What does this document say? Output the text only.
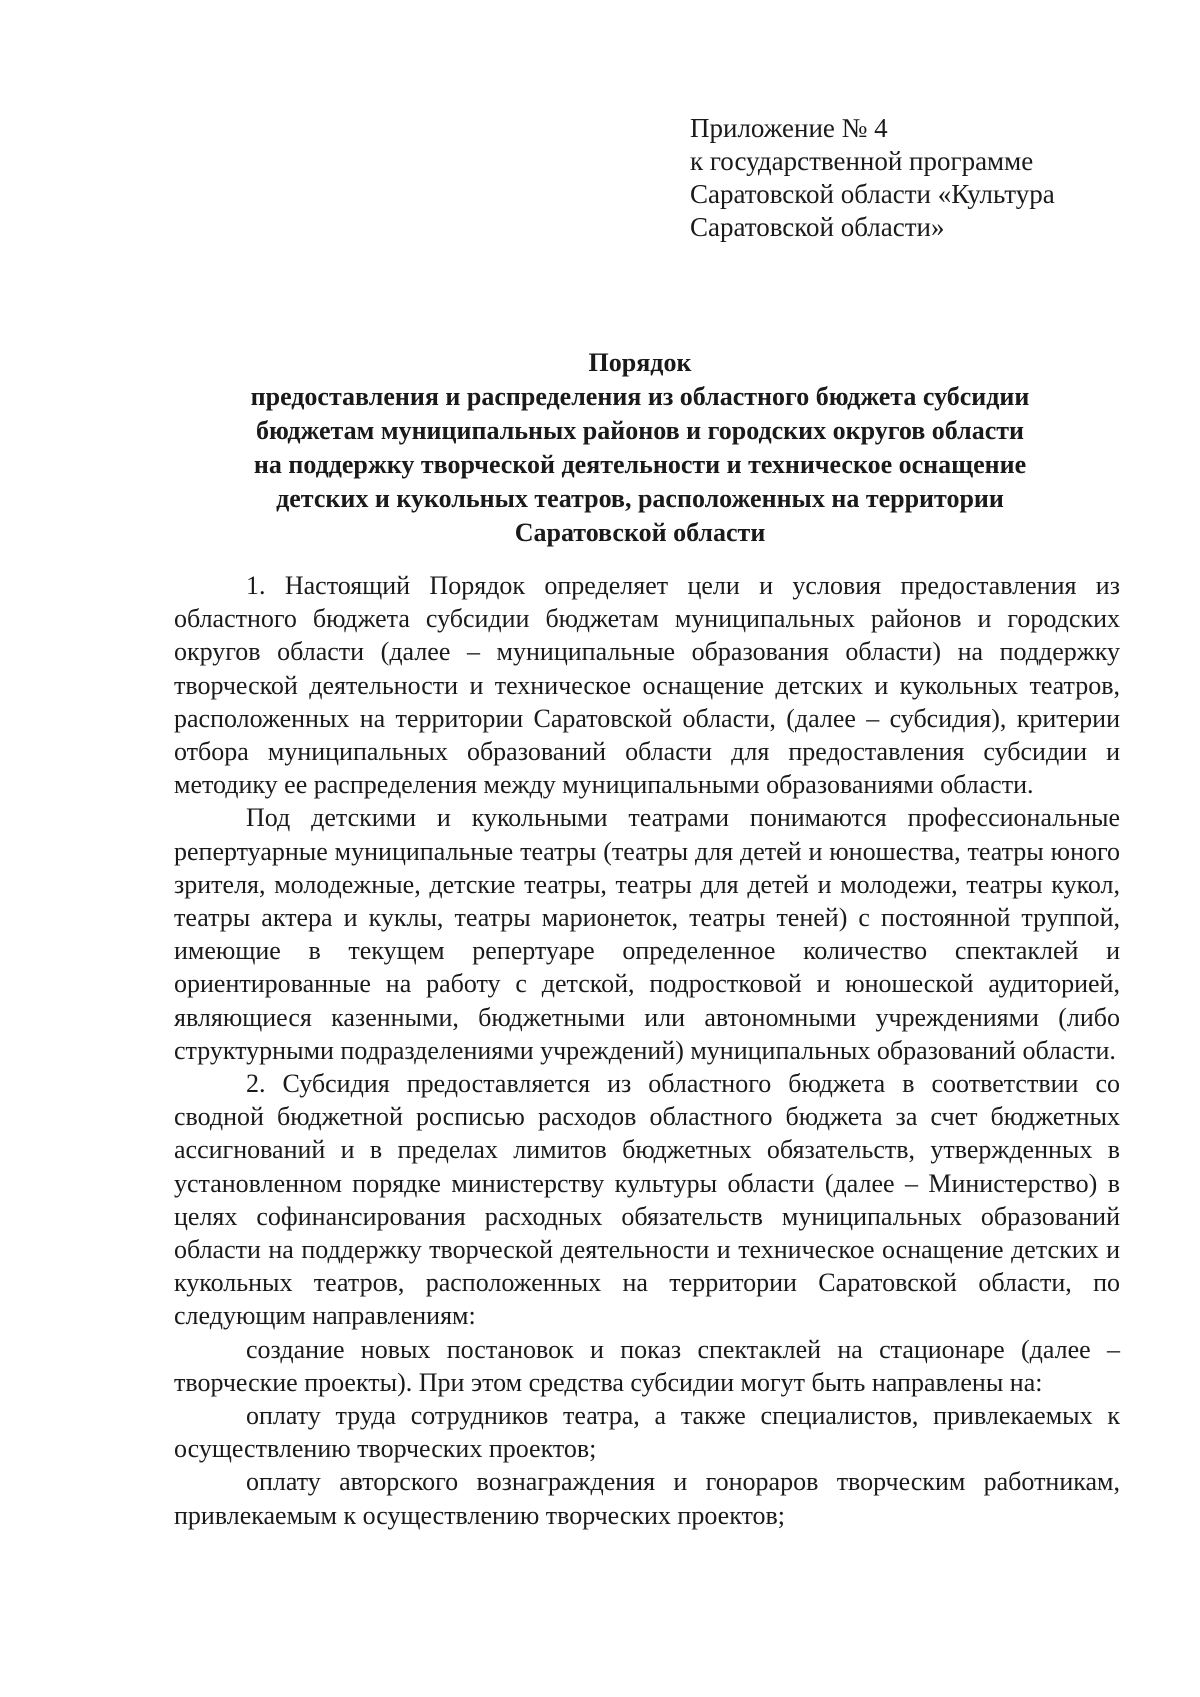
Приложение № 4
к государственной программе
Саратовской области «Культура
Саратовской области»
Порядок
предоставления и распределения из областного бюджета субсидии
бюджетам муниципальных районов и городских округов области
на поддержку творческой деятельности и техническое оснащение
детских и кукольных театров, расположенных на территории
Саратовской области

1. Настоящий Порядок определяет цели и условия предоставления из областного бюджета субсидии бюджетам муниципальных районов и городских округов области (далее – муниципальные образования области) на поддержку творческой деятельности и техническое оснащение детских и кукольных театров, расположенных на территории Саратовской области, (далее – субсидия), критерии отбора муниципальных образований области для предоставления субсидии и методику ее распределения между муниципальными образованиями области.

Под детскими и кукольными театрами понимаются профессиональные репертуарные муниципальные театры (театры для детей и юношества, театры юного зрителя, молодежные, детские театры, театры для детей и молодежи, театры кукол, театры актера и куклы, театры марионеток, театры теней) с постоянной труппой, имеющие в текущем репертуаре определенное количество спектаклей и ориентированные на работу с детской, подростковой и юношеской аудиторией, являющиеся казенными, бюджетными или автономными учреждениями (либо структурными подразделениями учреждений) муниципальных образований области.

2. Субсидия предоставляется из областного бюджета в соответствии со сводной бюджетной росписью расходов областного бюджета за счет бюджетных ассигнований и в пределах лимитов бюджетных обязательств, утвержденных в установленном порядке министерству культуры области (далее – Министерство) в целях софинансирования расходных обязательств муниципальных образований области на поддержку творческой деятельности и техническое оснащение детских и кукольных театров, расположенных на территории Саратовской области, по следующим направлениям:

создание новых постановок и показ спектаклей на стационаре (далее – творческие проекты). При этом средства субсидии могут быть направлены на:

оплату труда сотрудников театра, а также специалистов, привлекаемых к осуществлению творческих проектов;

оплату авторского вознаграждения и гонораров творческим работникам, привлекаемым к осуществлению творческих проектов;
